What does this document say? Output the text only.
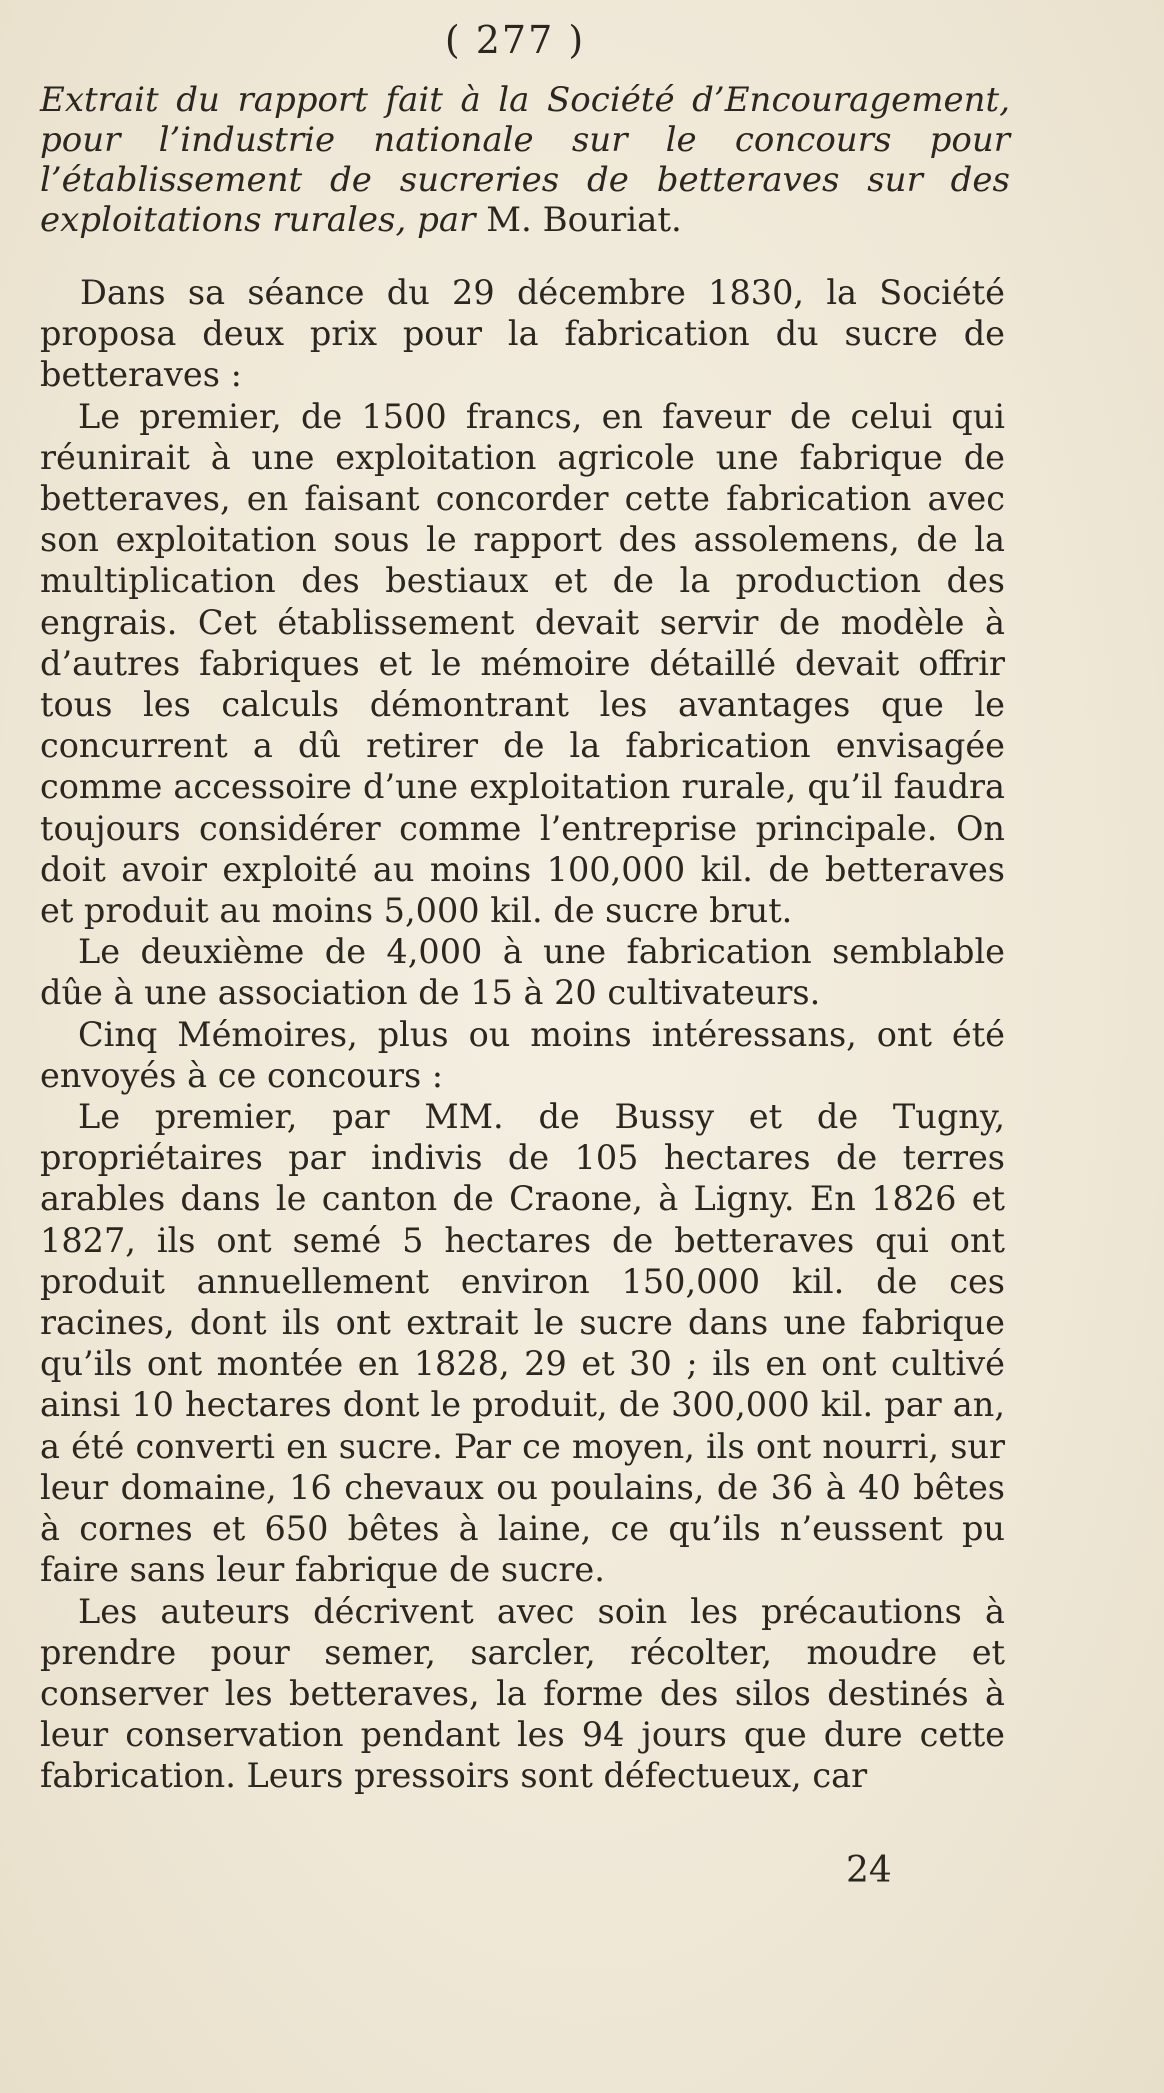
( 277 )
Extrait du rapport fait à la Société d’Encouragement, pour l’industrie nationale sur le concours pour l’établissement de sucreries de betteraves sur des exploitations rurales, par M. Bouriat.

Dans sa séance du 29 décembre 1830, la Société proposa deux prix pour la fabrication du sucre de betteraves :

Le premier, de 1500 francs, en faveur de celui qui réunirait à une exploitation agricole une fabrique de betteraves, en faisant concorder cette fabrication avec son exploitation sous le rapport des assolemens, de la multiplication des bestiaux et de la production des engrais. Cet établissement devait servir de modèle à d’autres fabriques et le mémoire détaillé devait offrir tous les calculs démontrant les avantages que le concurrent a dû retirer de la fabrication envisagée comme accessoire d’une exploitation rurale, qu’il faudra toujours considérer comme l’entreprise principale. On doit avoir exploité au moins 100,000 kil. de betteraves et produit au moins 5,000 kil. de sucre brut.

Le deuxième de 4,000 à une fabrication semblable dûe à une association de 15 à 20 cultivateurs.

Cinq Mémoires, plus ou moins intéressans, ont été envoyés à ce concours :

Le premier, par MM. de Bussy et de Tugny, propriétaires par indivis de 105 hectares de terres arables dans le canton de Craone, à Ligny. En 1826 et 1827, ils ont semé 5 hectares de betteraves qui ont produit annuellement environ 150,000 kil. de ces racines, dont ils ont extrait le sucre dans une fabrique qu’ils ont montée en 1828, 29 et 30 ; ils en ont cultivé ainsi 10 hectares dont le produit, de 300,000 kil. par an, a été converti en sucre. Par ce moyen, ils ont nourri, sur leur domaine, 16 chevaux ou poulains, de 36 à 40 bêtes à cornes et 650 bêtes à laine, ce qu’ils n’eussent pu faire sans leur fabrique de sucre.

Les auteurs décrivent avec soin les précautions à prendre pour semer, sarcler, récolter, moudre et conserver les betteraves, la forme des silos destinés à leur conservation pendant les 94 jours que dure cette fabrication. Leurs pressoirs sont défectueux, car

24
